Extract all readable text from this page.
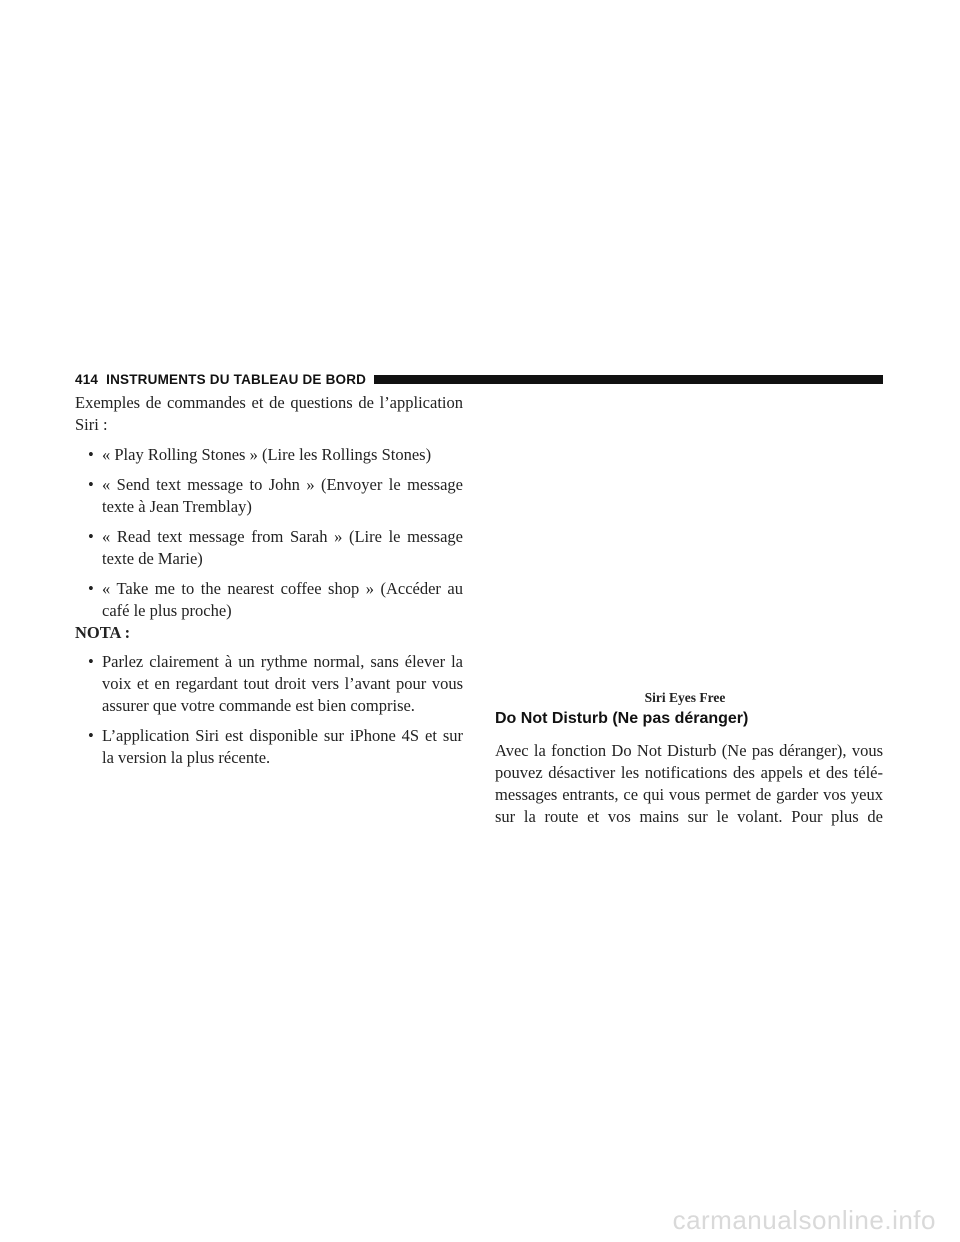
414 INSTRUMENTS DU TABLEAU DE BORD

Exemples de commandes et de questions de l’application Siri :

• « Play Rolling Stones » (Lire les Rollings Stones)
• « Send text message to John » (Envoyer le message texte à Jean Tremblay)
• « Read text message from Sarah » (Lire le message texte de Marie)
• « Take me to the nearest coffee shop » (Accéder au café le plus proche)

NOTA :

• Parlez clairement à un rythme normal, sans élever la voix et en regardant tout droit vers l’avant pour vous assurer que votre commande est bien comprise.
• L’application Siri est disponible sur iPhone 4S et sur la version la plus récente.
Siri Eyes Free
Do Not Disturb (Ne pas déranger)

Avec la fonction Do Not Disturb (Ne pas déranger), vous pouvez désactiver les notifications des appels et des télé-messages entrants, ce qui vous permet de garder vos yeux sur la route et vos mains sur le volant. Pour plus de

carmanualsonline.info
